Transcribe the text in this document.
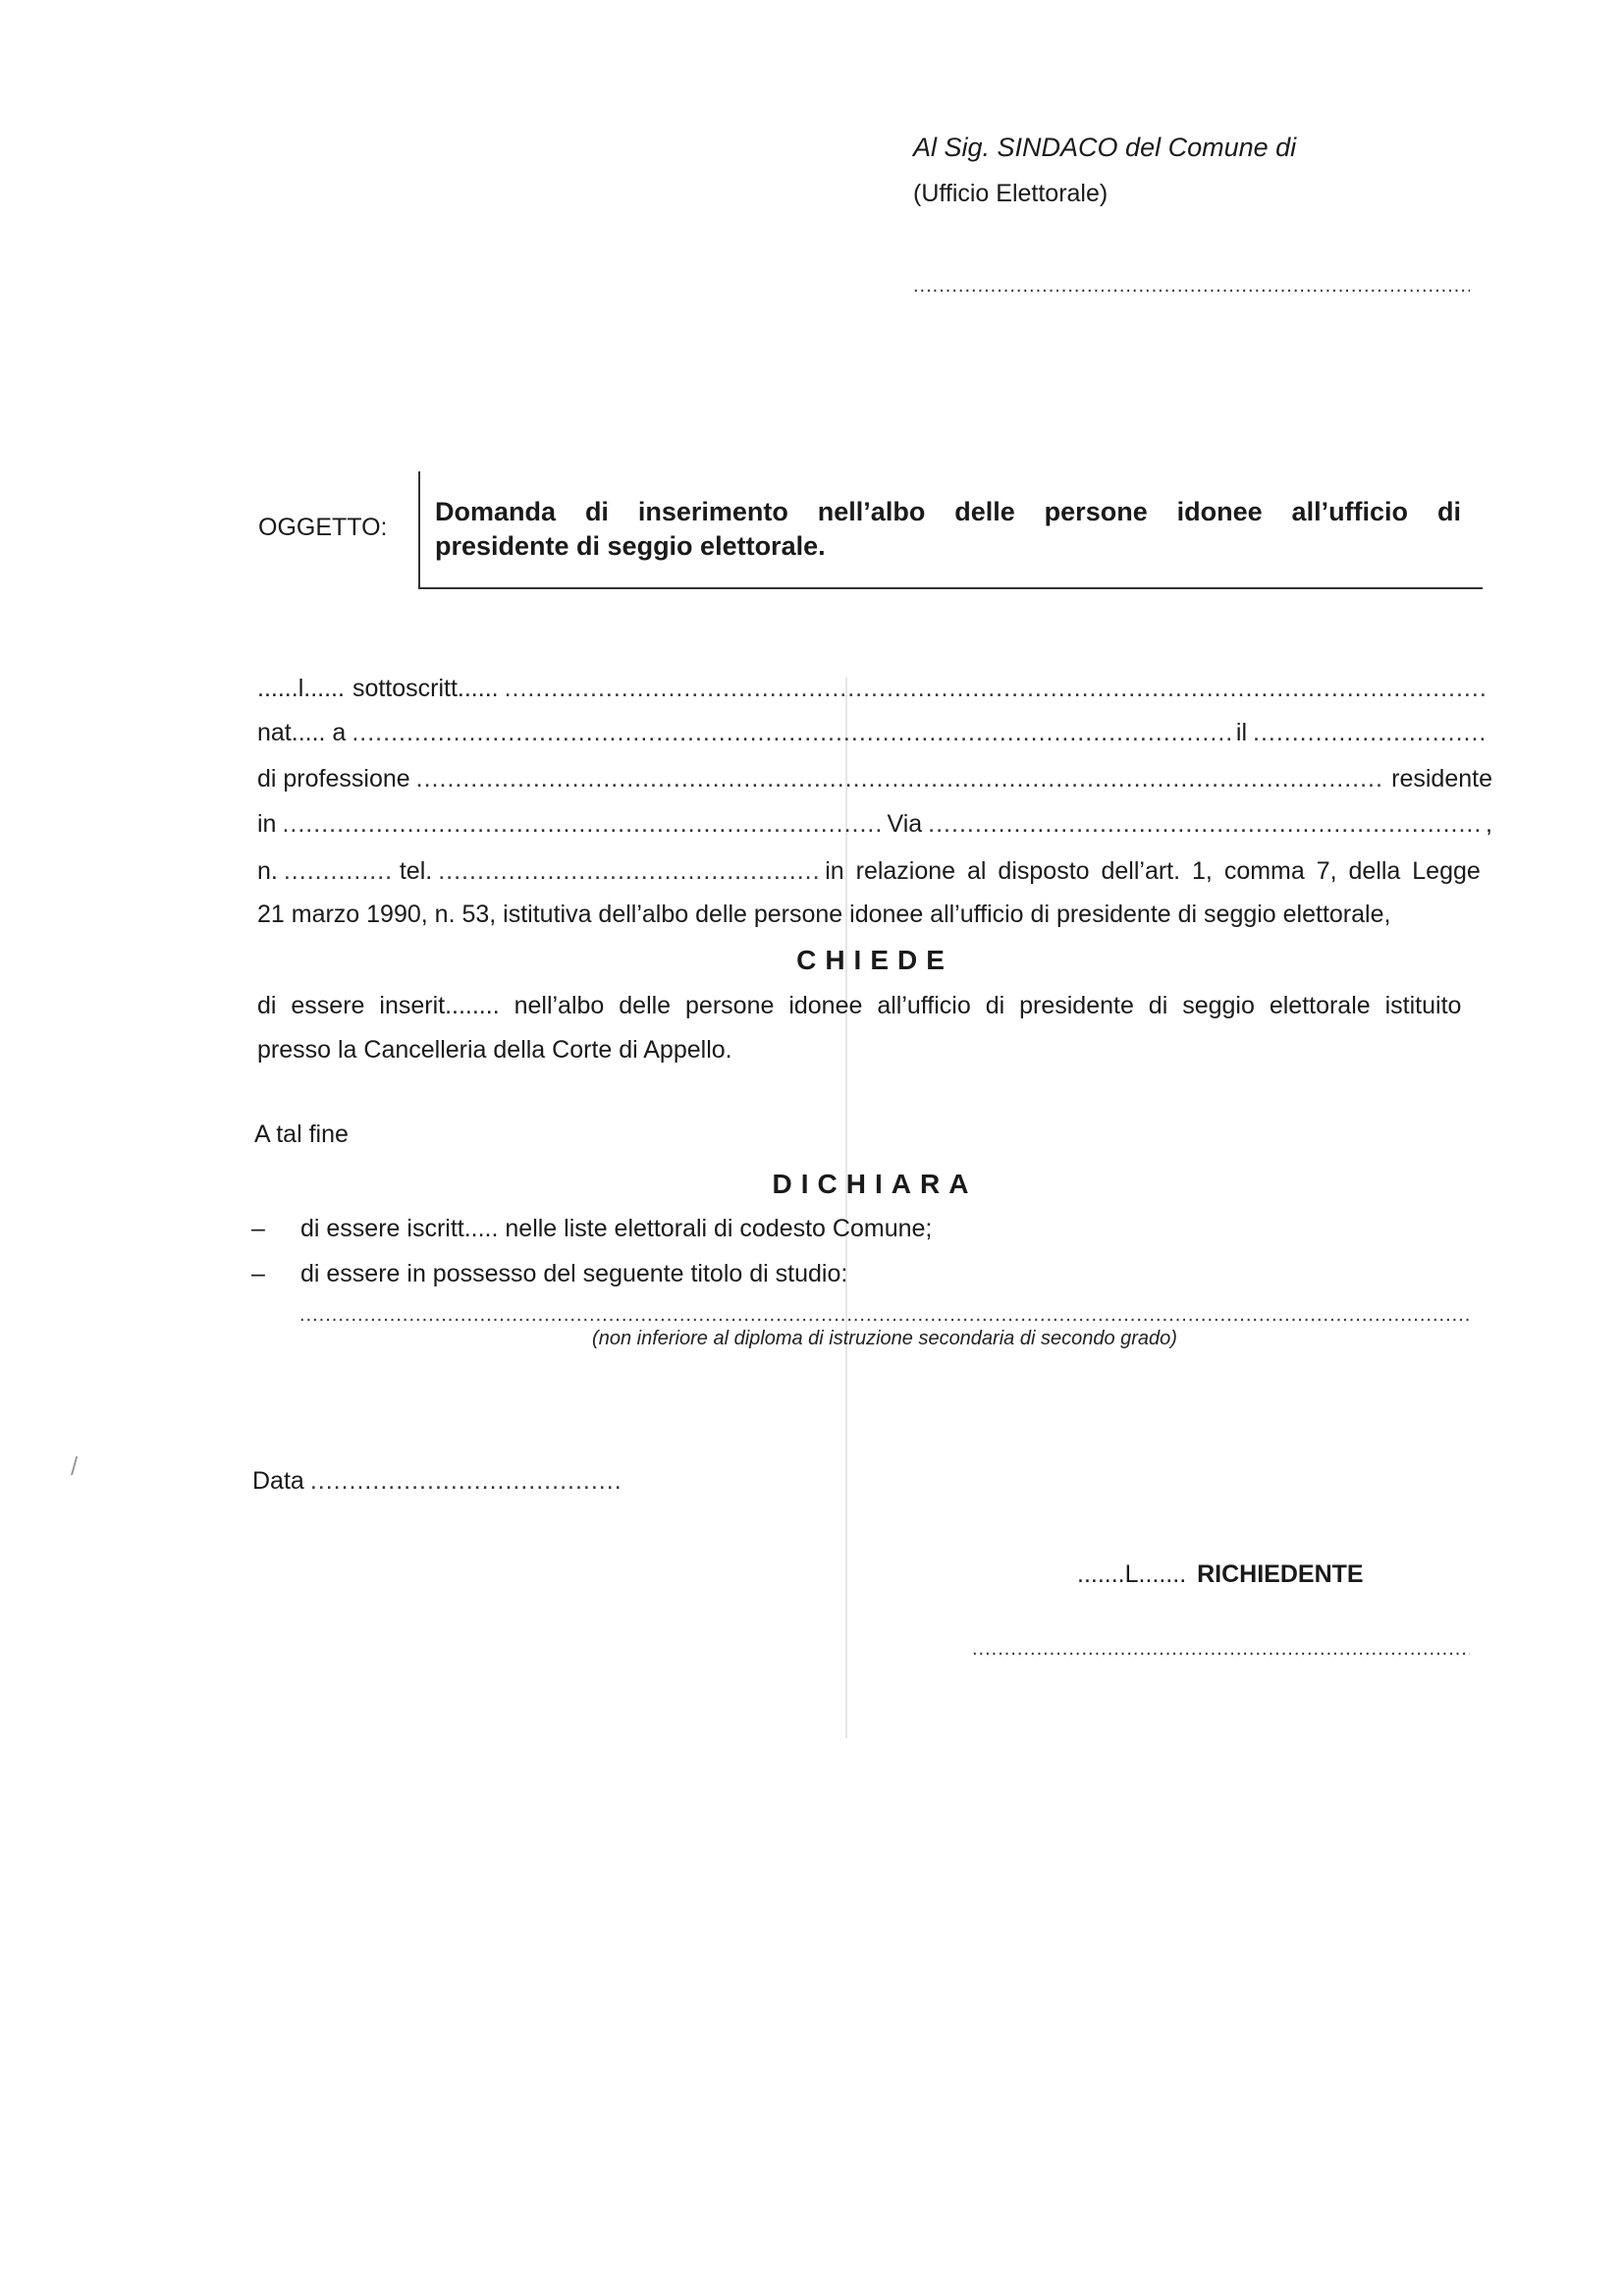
Al Sig. SINDACO del Comune di
(Ufficio Elettorale)
.....
OGGETTO:
Domanda di inserimento nell’albo delle persone idonee all’ufficio di
presidente di seggio elettorale.
...... l ...... sottoscritt......
.....
nat..... a .....	il
.....
di professione .....	residente
in .....	Via .....	,
n. .....	tel. .....	in relazione al disposto dell’art. 1, comma 7, della Legge
21 marzo 1990, n. 53, istitutiva dell’albo delle persone idonee all’ufficio di presidente di seggio elettorale,
CHIEDE
di essere inserit........ nell’albo delle persone idonee all’ufficio di presidente di seggio elettorale istituito
presso la Cancelleria della Corte di Appello.
A tal fine
DICHIARA
– di essere iscritt..... nelle liste elettorali di codesto Comune;
– di essere in possesso del seguente titolo di studio:
.....
(non inferiore al diploma di istruzione secondaria di secondo grado)
Data
.....
.......L....... RICHIEDENTE
.....
/
